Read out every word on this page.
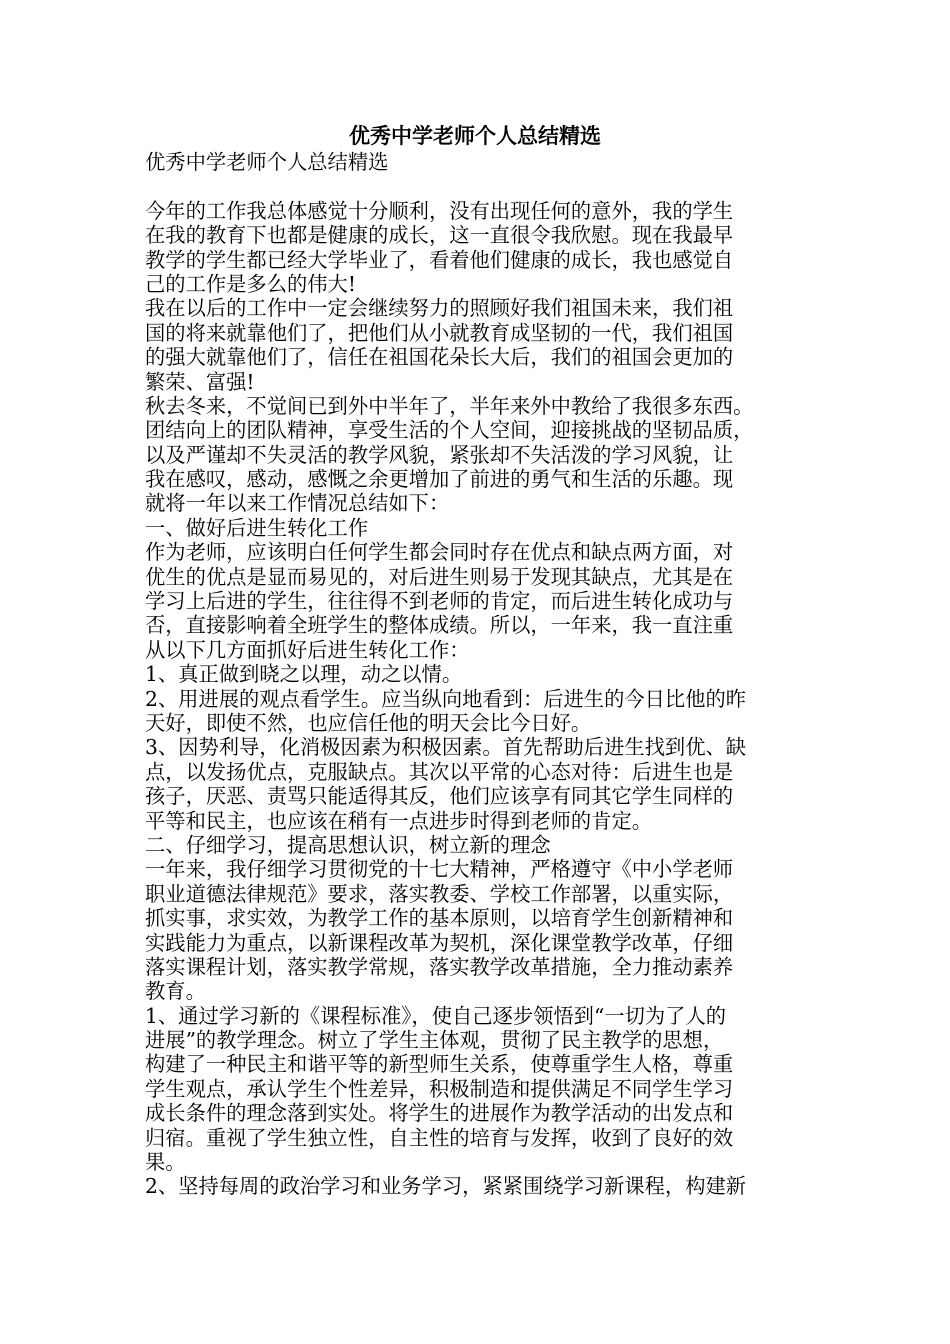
优秀中学老师个人总结精选
优秀中学老师个人总结精选
今年的工作我总体感觉十分顺利，没有出现任何的意外，我的学生
在我的教育下也都是健康的成长，这一直很令我欣慰。现在我最早
教学的学生都已经大学毕业了，看着他们健康的成长，我也感觉自
己的工作是多么的伟大!
我在以后的工作中一定会继续努力的照顾好我们祖国未来，我们祖
国的将来就靠他们了，把他们从小就教育成坚韧的一代，我们祖国
的强大就靠他们了，信任在祖国花朵长大后，我们的祖国会更加的
繁荣、富强!
秋去冬来，不觉间已到外中半年了，半年来外中教给了我很多东西。
团结向上的团队精神，享受生活的个人空间，迎接挑战的坚韧品质，
以及严谨却不失灵活的教学风貌，紧张却不失活泼的学习风貌，让
我在感叹，感动，感慨之余更增加了前进的勇气和生活的乐趣。现
就将一年以来工作情况总结如下：
一、做好后进生转化工作
作为老师，应该明白任何学生都会同时存在优点和缺点两方面，对
优生的优点是显而易见的，对后进生则易于发现其缺点，尤其是在
学习上后进的学生，往往得不到老师的肯定，而后进生转化成功与
否，直接影响着全班学生的整体成绩。所以，一年来，我一直注重
从以下几方面抓好后进生转化工作：
1、真正做到晓之以理，动之以情。
2、用进展的观点看学生。应当纵向地看到：后进生的今日比他的昨
天好，即使不然，也应信任他的明天会比今日好。
3、因势利导，化消极因素为积极因素。首先帮助后进生找到优、缺
点，以发扬优点，克服缺点。其次以平常的心态对待：后进生也是
孩子，厌恶、责骂只能适得其反，他们应该享有同其它学生同样的
平等和民主，也应该在稍有一点进步时得到老师的肯定。
二、仔细学习，提高思想认识，树立新的理念
一年来，我仔细学习贯彻党的十七大精神，严格遵守《中小学老师
职业道德法律规范》要求，落实教委、学校工作部署，以重实际，
抓实事，求实效，为教学工作的基本原则，以培育学生创新精神和
实践能力为重点，以新课程改革为契机，深化课堂教学改革，仔细
落实课程计划，落实教学常规，落实教学改革措施，全力推动素养
教育。
1、通过学习新的《课程标准》，使自己逐步领悟到“一切为了人的
进展”的教学理念。树立了学生主体观，贯彻了民主教学的思想，
构建了一种民主和谐平等的新型师生关系，使尊重学生人格，尊重
学生观点，承认学生个性差异，积极制造和提供满足不同学生学习
成长条件的理念落到实处。将学生的进展作为教学活动的出发点和
归宿。重视了学生独立性，自主性的培育与发挥，收到了良好的效
果。
2、坚持每周的政治学习和业务学习，紧紧围绕学习新课程，构建新
